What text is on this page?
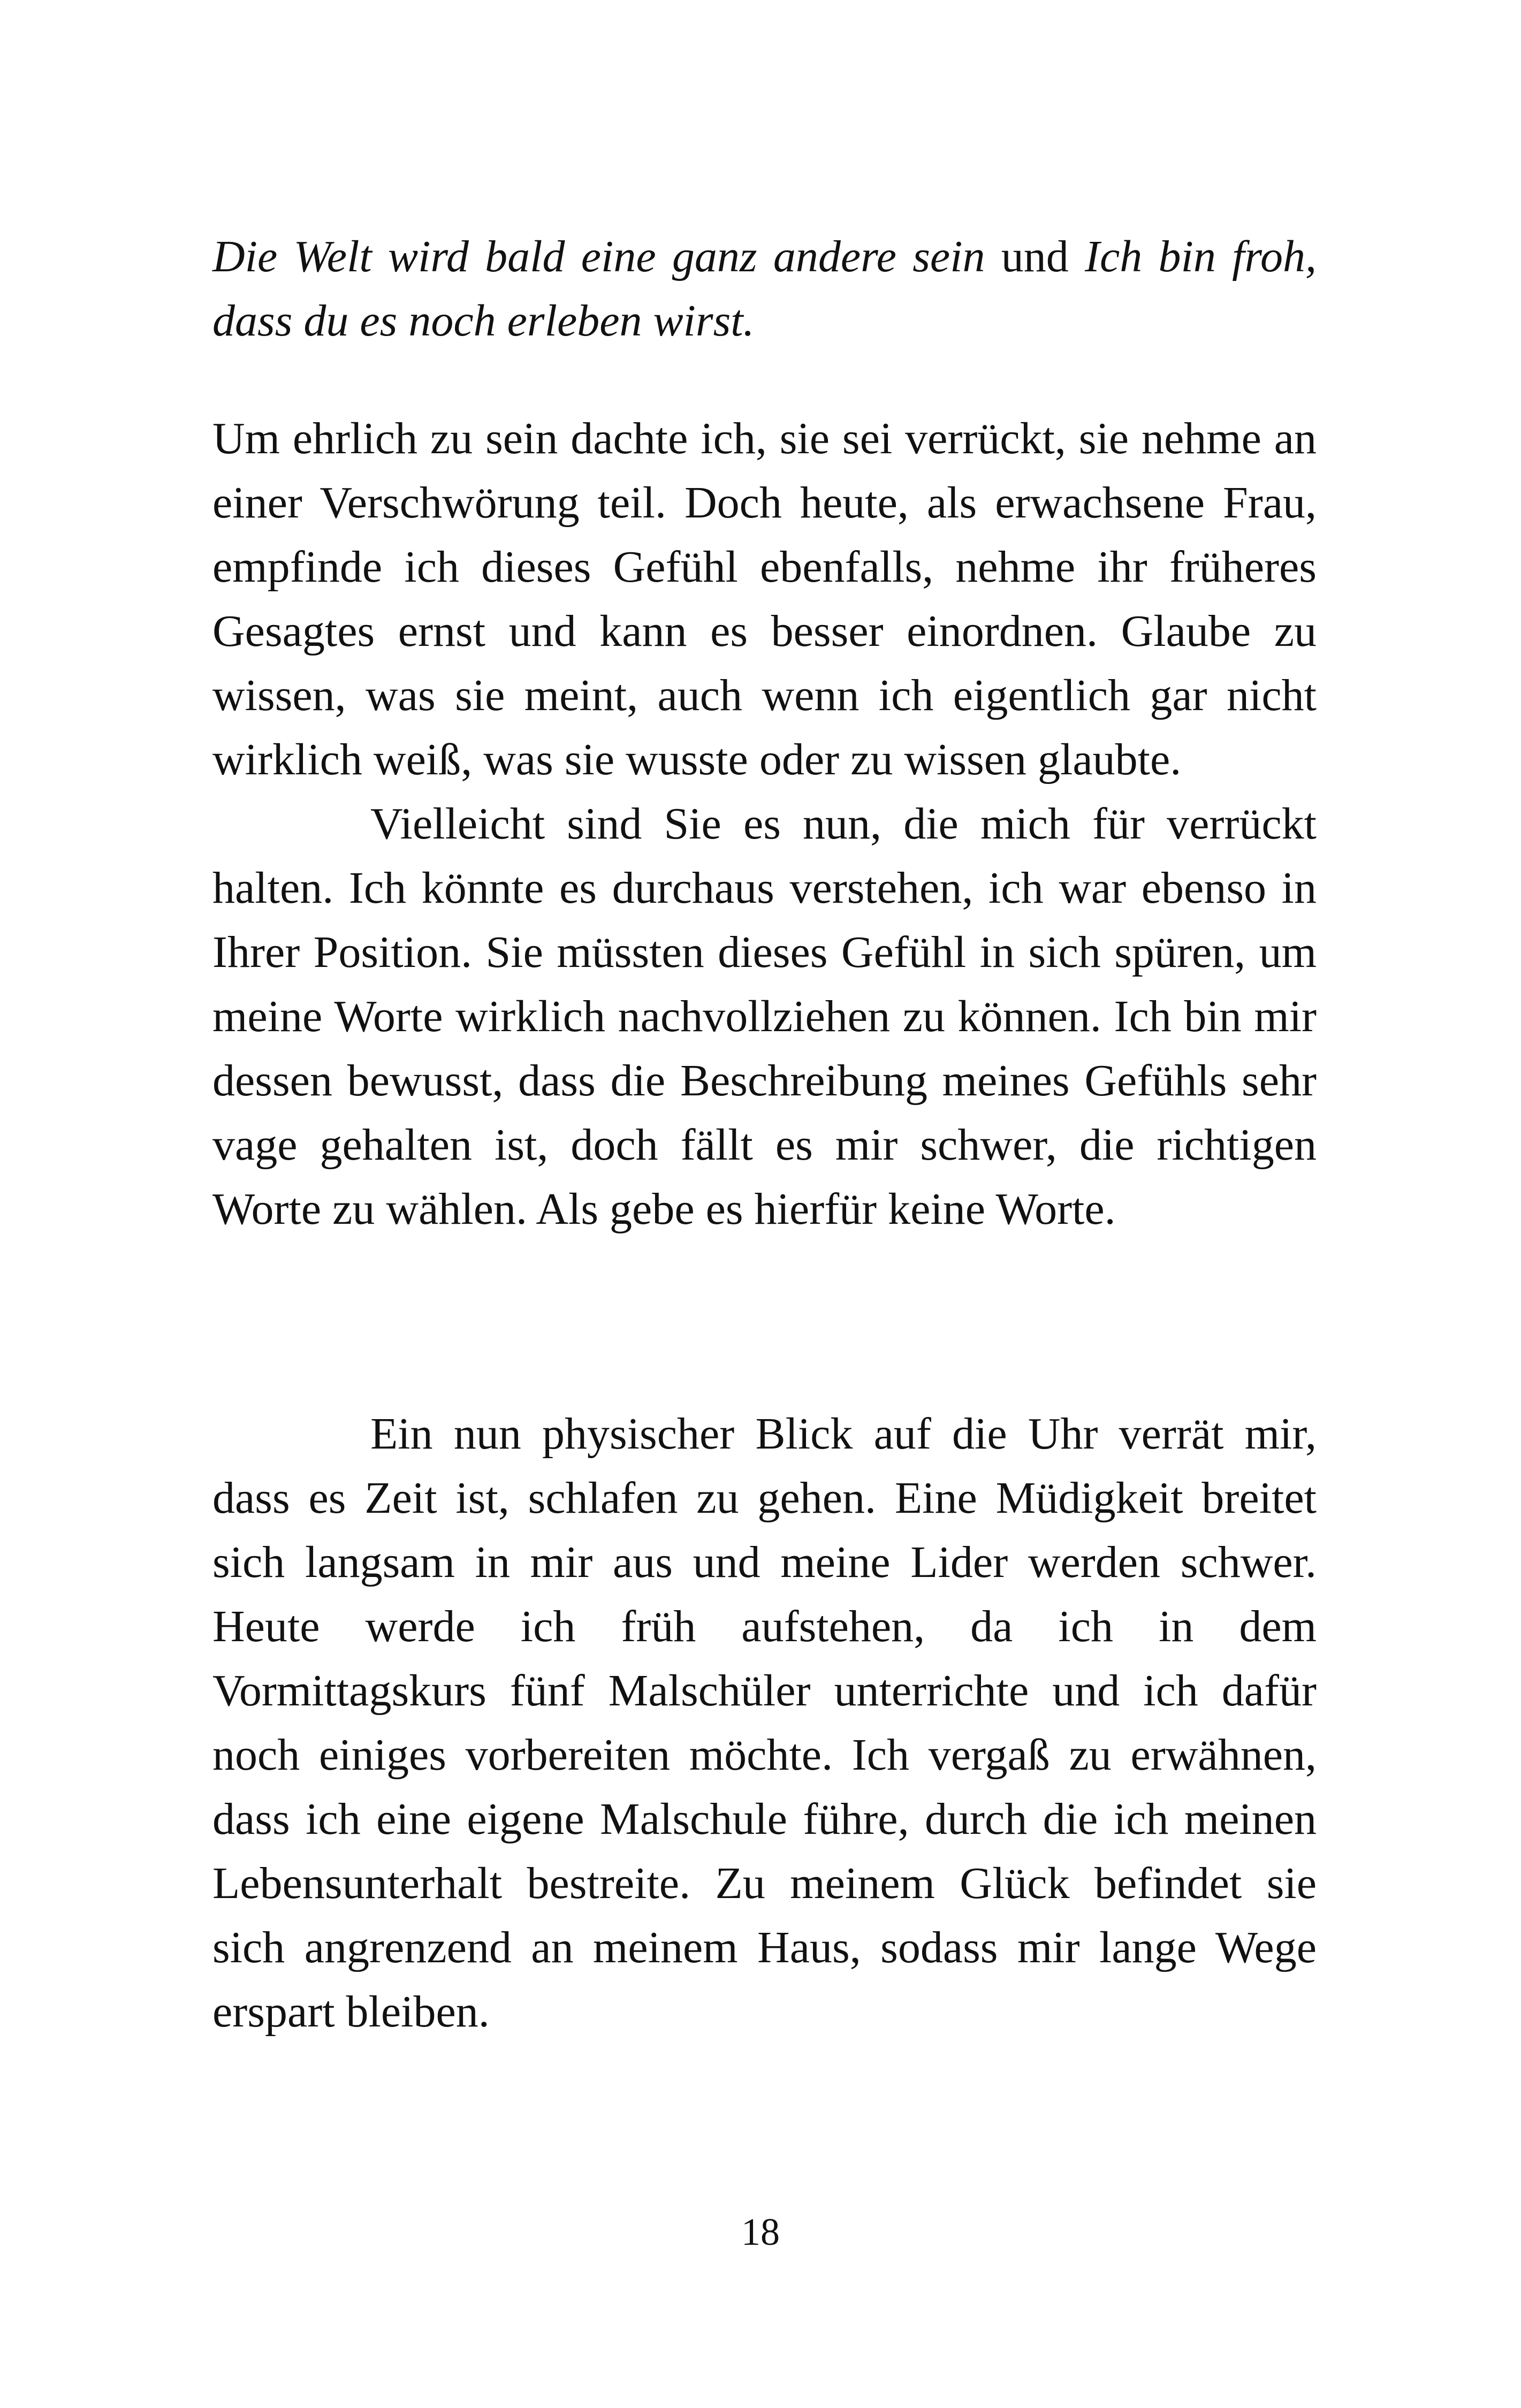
Die Welt wird bald eine ganz andere sein und Ich bin froh, dass du es noch erleben wirst.

Um ehrlich zu sein dachte ich, sie sei verrückt, sie nehme an einer Verschwörung teil. Doch heute, als erwachsene Frau, empfinde ich dieses Gefühl ebenfalls, nehme ihr früheres Gesagtes ernst und kann es besser einordnen. Glaube zu wissen, was sie meint, auch wenn ich eigentlich gar nicht wirklich weiß, was sie wusste oder zu wissen glaubte.

Vielleicht sind Sie es nun, die mich für verrückt halten. Ich könnte es durchaus verstehen, ich war ebenso in Ihrer Position. Sie müssten dieses Gefühl in sich spüren, um meine Worte wirklich nachvollziehen zu können. Ich bin mir dessen bewusst, dass die Beschreibung meines Gefühls sehr vage gehalten ist, doch fällt es mir schwer, die richtigen Worte zu wählen. Als gebe es hierfür keine Worte.

Ein nun physischer Blick auf die Uhr verrät mir, dass es Zeit ist, schlafen zu gehen. Eine Müdigkeit breitet sich langsam in mir aus und meine Lider werden schwer. Heute werde ich früh aufstehen, da ich in dem Vormittagskurs fünf Malschüler unterrichte und ich dafür noch einiges vorbereiten möchte. Ich vergaß zu erwähnen, dass ich eine eigene Malschule führe, durch die ich meinen Lebensunterhalt bestreite. Zu meinem Glück befindet sie sich angrenzend an meinem Haus, sodass mir lange Wege erspart bleiben.

18
